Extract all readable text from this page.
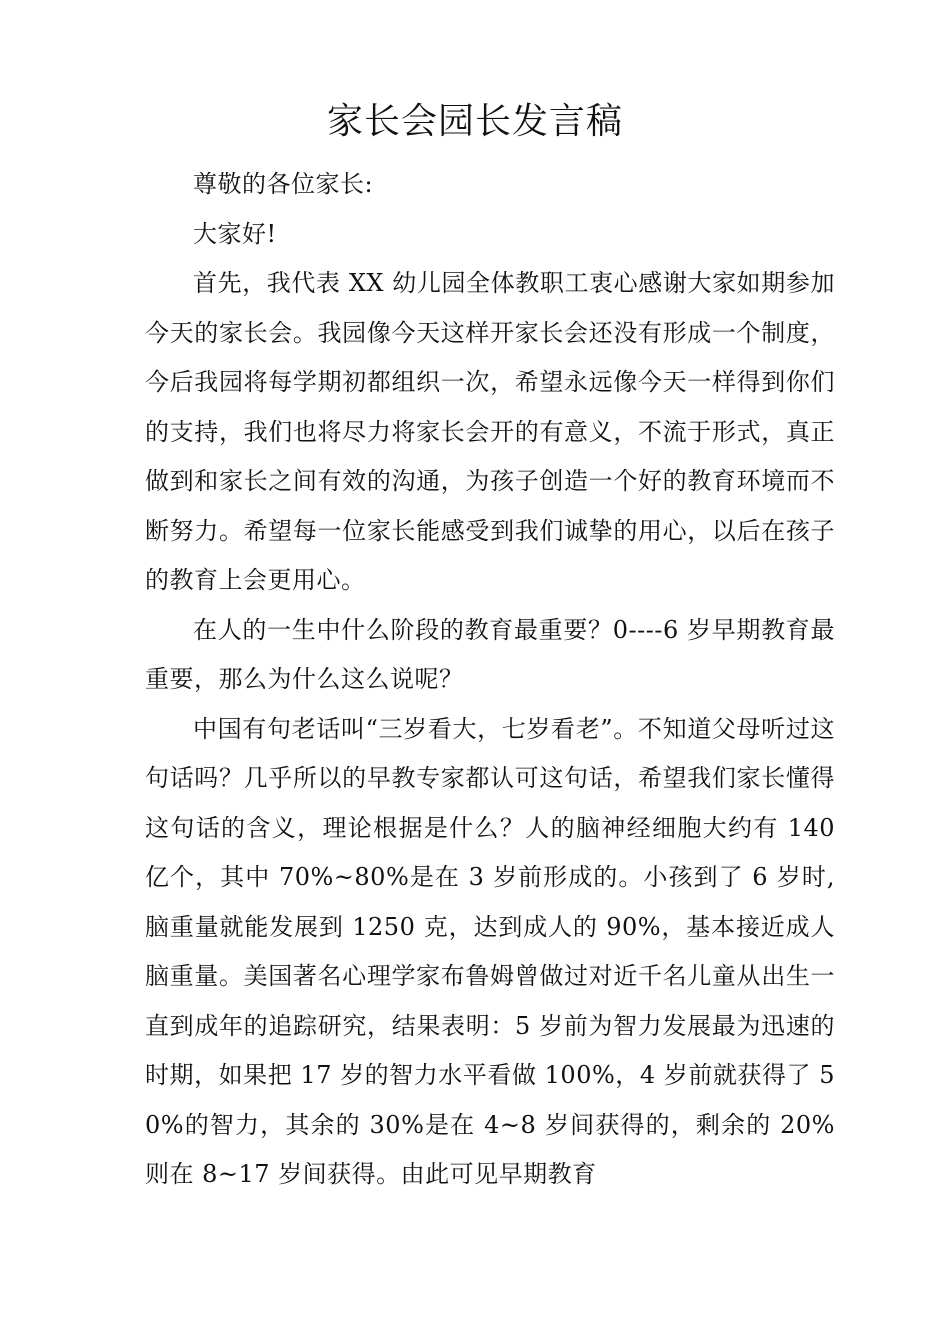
家长会园长发言稿

尊敬的各位家长:

大家好!

首先，我代表 XX 幼儿园全体教职工衷心感谢大家如期参加今天的家长会。我园像今天这样开家长会还没有形成一个制度，今后我园将每学期初都组织一次，希望永远像今天一样得到你们的支持，我们也将尽力将家长会开的有意义，不流于形式，真正做到和家长之间有效的沟通，为孩子创造一个好的教育环境而不断努力。希望每一位家长能感受到我们诚挚的用心，以后在孩子的教育上会更用心。

在人的一生中什么阶段的教育最重要？0----6 岁早期教育最重要，那么为什么这么说呢？

中国有句老话叫“三岁看大，七岁看老”。不知道父母听过这句话吗？几乎所以的早教专家都认可这句话，希望我们家长懂得这句话的含义，理论根据是什么？人的脑神经细胞大约有 140 亿个，其中 70%~80%是在 3 岁前形成的。小孩到了 6 岁时,脑重量就能发展到 1250 克，达到成人的 90%，基本接近成人脑重量。美国著名心理学家布鲁姆曾做过对近千名儿童从出生一直到成年的追踪研究，结果表明：5 岁前为智力发展最为迅速的时期，如果把 17 岁的智力水平看做 100%，4 岁前就获得了 50%的智力，其余的 30%是在 4~8 岁间获得的，剩余的 20%则在 8~17 岁间获得。由此可见早期教育
